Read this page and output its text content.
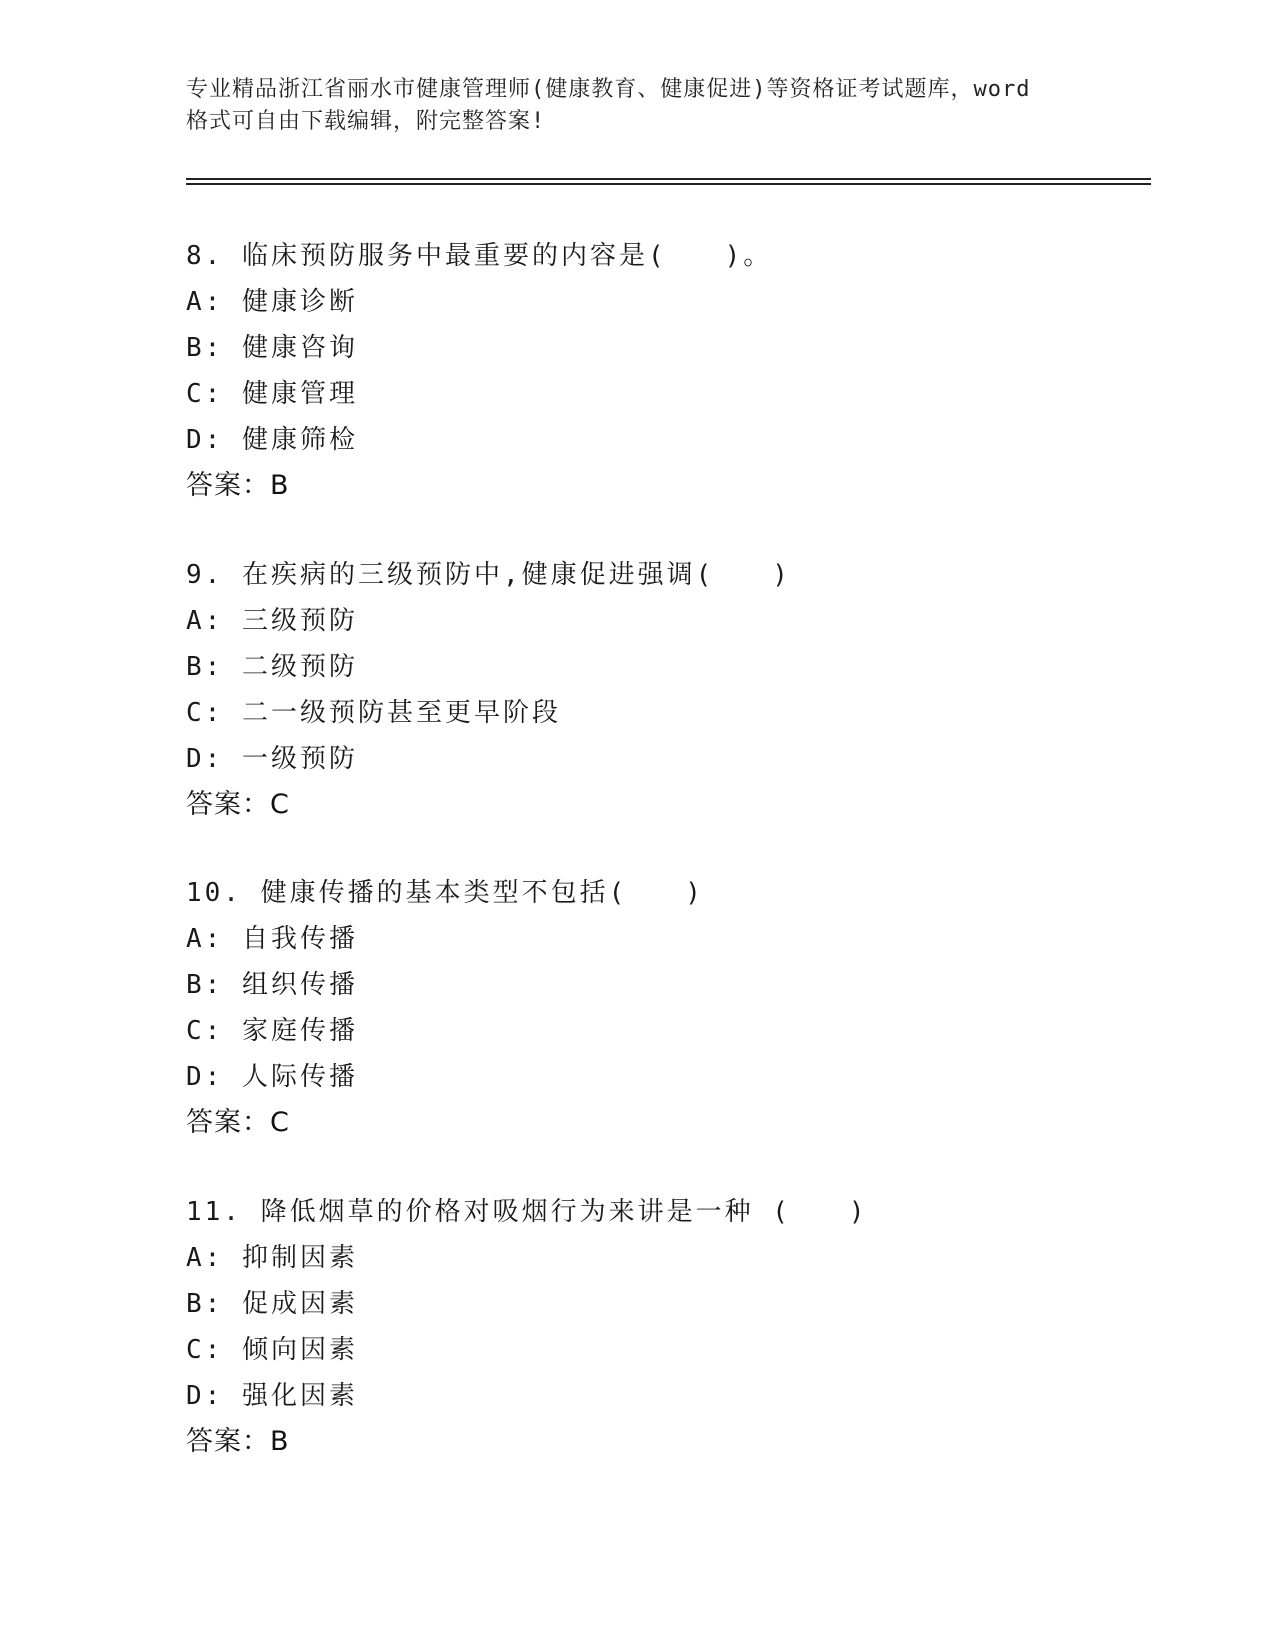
专业精品浙江省丽水市健康管理师(健康教育、健康促进)等资格证考试题库，word
格式可自由下载编辑，附完整答案!
8. 临床预防服务中最重要的内容是(　　)。
A: 健康诊断
B: 健康咨询
C: 健康管理
D: 健康筛检
答案：B
9. 在疾病的三级预防中,健康促进强调(　　)
A: 三级预防
B: 二级预防
C: 二一级预防甚至更早阶段
D: 一级预防
答案：C
10. 健康传播的基本类型不包括(　　)
A: 自我传播
B: 组织传播
C: 家庭传播
D: 人际传播
答案：C
11. 降低烟草的价格对吸烟行为来讲是一种 (　　)
A: 抑制因素
B: 促成因素
C: 倾向因素
D: 强化因素
答案：B
